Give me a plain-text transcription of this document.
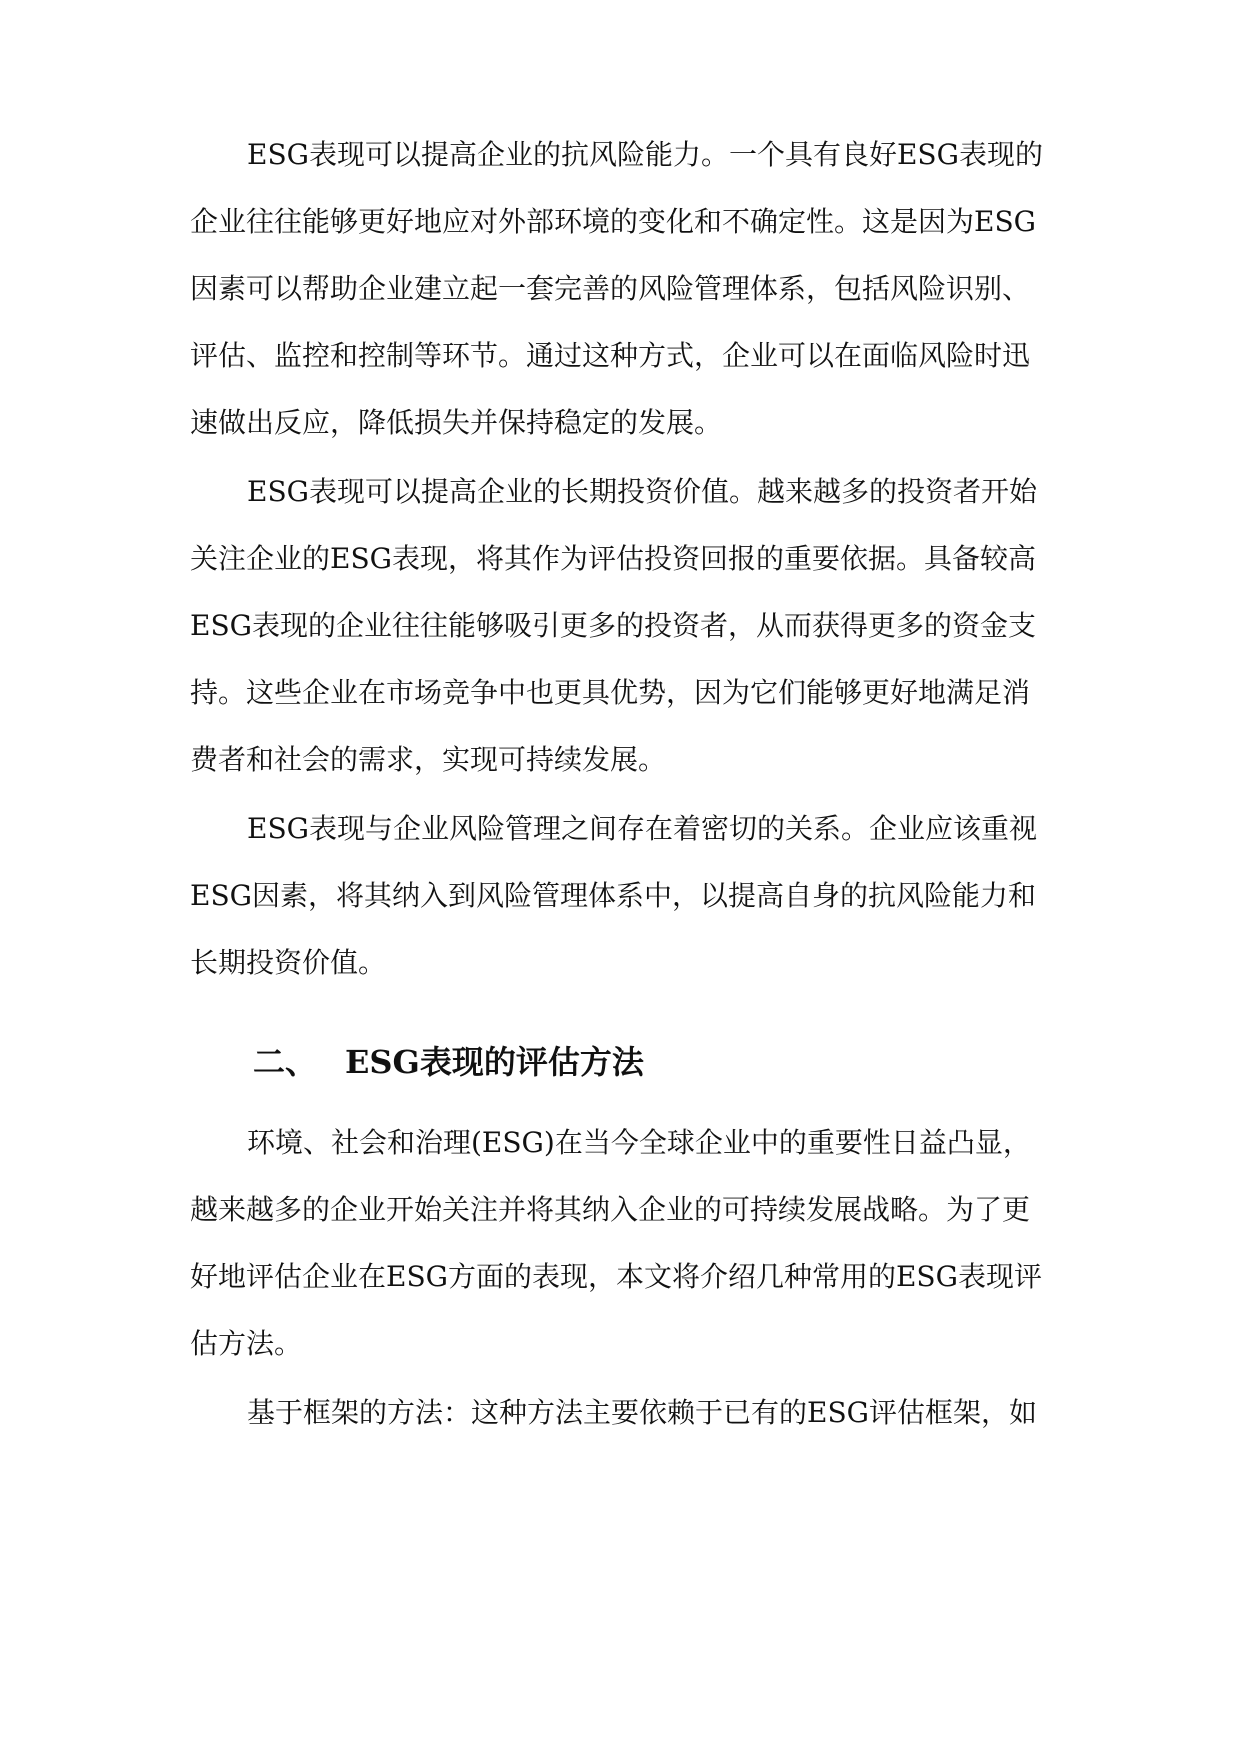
ESG表现可以提高企业的抗风险能力。一个具有良好ESG表现的
企业往往能够更好地应对外部环境的变化和不确定性。这是因为ESG
因素可以帮助企业建立起一套完善的风险管理体系，包括风险识别、
评估、监控和控制等环节。通过这种方式，企业可以在面临风险时迅
速做出反应，降低损失并保持稳定的发展。
ESG表现可以提高企业的长期投资价值。越来越多的投资者开始
关注企业的ESG表现，将其作为评估投资回报的重要依据。具备较高
ESG表现的企业往往能够吸引更多的投资者，从而获得更多的资金支
持。这些企业在市场竞争中也更具优势，因为它们能够更好地满足消
费者和社会的需求，实现可持续发展。
ESG表现与企业风险管理之间存在着密切的关系。企业应该重视
ESG因素，将其纳入到风险管理体系中，以提高自身的抗风险能力和
长期投资价值。
二、 ESG表现的评估方法
环境、社会和治理(ESG)在当今全球企业中的重要性日益凸显，
越来越多的企业开始关注并将其纳入企业的可持续发展战略。为了更
好地评估企业在ESG方面的表现，本文将介绍几种常用的ESG表现评
估方法。
基于框架的方法：这种方法主要依赖于已有的ESG评估框架，如
